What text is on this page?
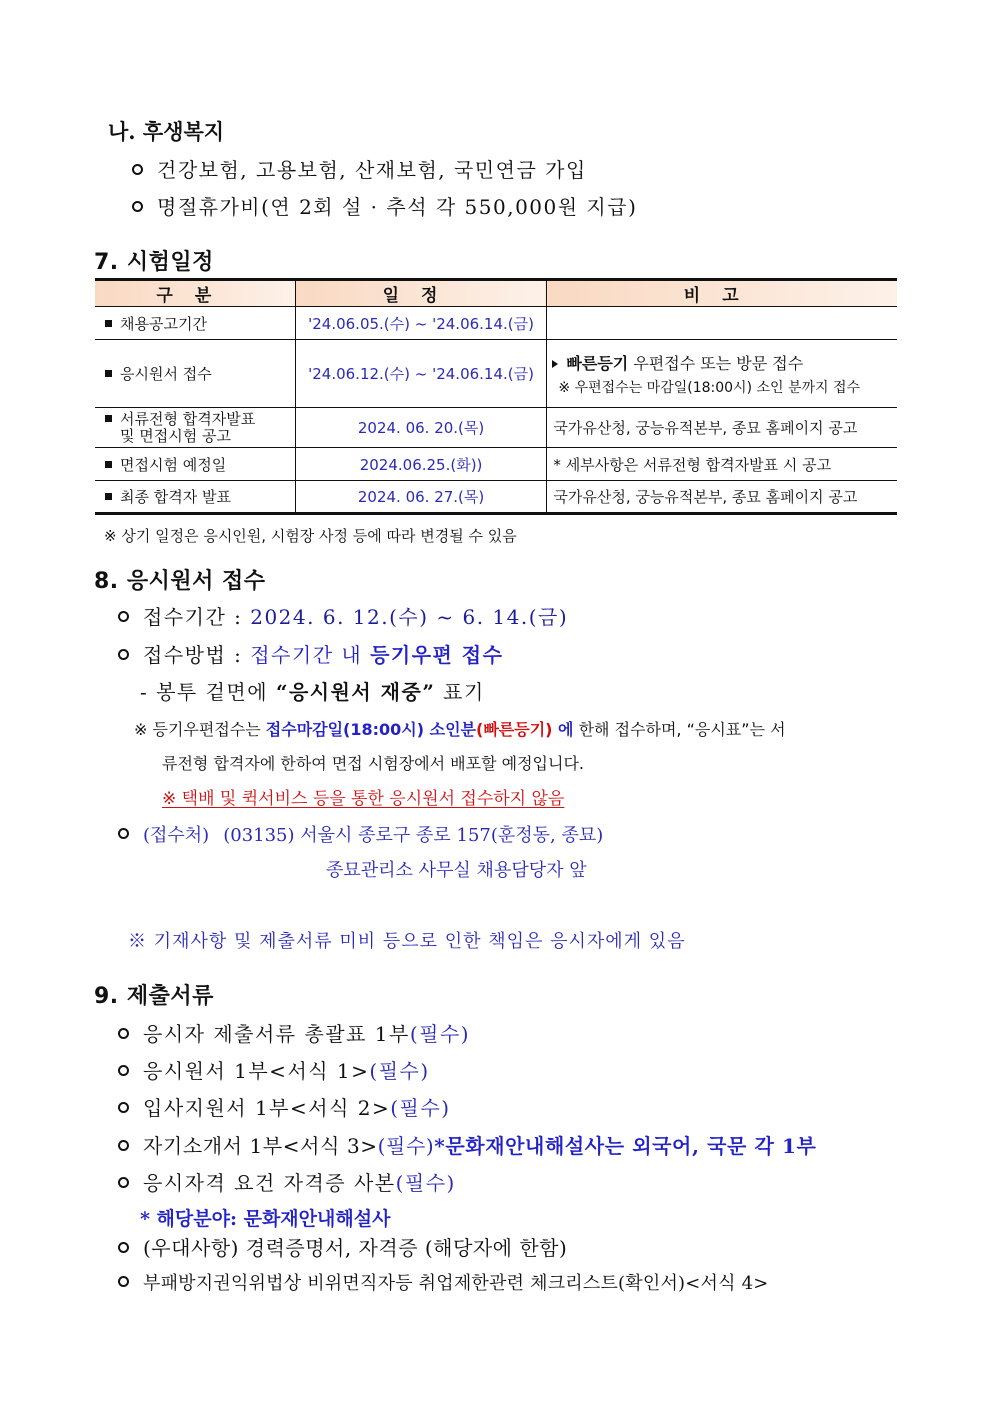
나. 후생복지
건강보험, 고용보험, 산재보험, 국민연금 가입
명절휴가비(연 2회 설 · 추석 각 550,000원 지급)
7. 시험일정
구분	일정	비고
채용공고기간	'24.06.05.(수) ~ '24.06.14.(금)	
응시원서 접수	'24.06.12.(수) ~ '24.06.14.(금)	빠른등기 우편접수 또는 방문 접수
※ 우편접수는 마감일(18:00시) 소인 분까지 접수

서류전형 합격자발표
및 면접시험 공고	2024. 06. 20.(목)	국가유산청, 궁능유적본부, 종묘 홈페이지 공고
면접시험 예정일	2024.06.25.(화))	* 세부사항은 서류전형 합격자발표 시 공고
최종 합격자 발표	2024. 06. 27.(목)	국가유산청, 궁능유적본부, 종묘 홈페이지 공고
※ 상기 일정은 응시인원, 시험장 사정 등에 따라 변경될 수 있음
8. 응시원서 접수
접수기간 : 2024. 6. 12.(수) ~ 6. 14.(금)
접수방법 : 접수기간 내 등기우편 접수
- 봉투 겉면에 “응시원서 재중” 표기
※ 등기우편접수는 접수마감일(18:00시) 소인분(빠른등기) 에 한해 접수하며, “응시표”는 서
류전형 합격자에 한하여 면접 시험장에서 배포할 예정입니다.
※ 택배 및 퀵서비스 등을 통한 응시원서 접수하지 않음
(접수처) (03135) 서울시 종로구 종로 157(훈정동, 종묘)
종묘관리소 사무실 채용담당자 앞
※ 기재사항 및 제출서류 미비 등으로 인한 책임은 응시자에게 있음
9. 제출서류
응시자 제출서류 총괄표 1부(필수)
응시원서 1부<서식 1>(필수)
입사지원서 1부<서식 2>(필수)
자기소개서 1부<서식 3>(필수)*문화재안내해설사는 외국어, 국문 각 1부
응시자격 요건 자격증 사본(필수)
* 해당분야: 문화재안내해설사
(우대사항) 경력증명서, 자격증 (해당자에 한함)
부패방지권익위법상 비위면직자등 취업제한관련 체크리스트(확인서)<서식 4>
